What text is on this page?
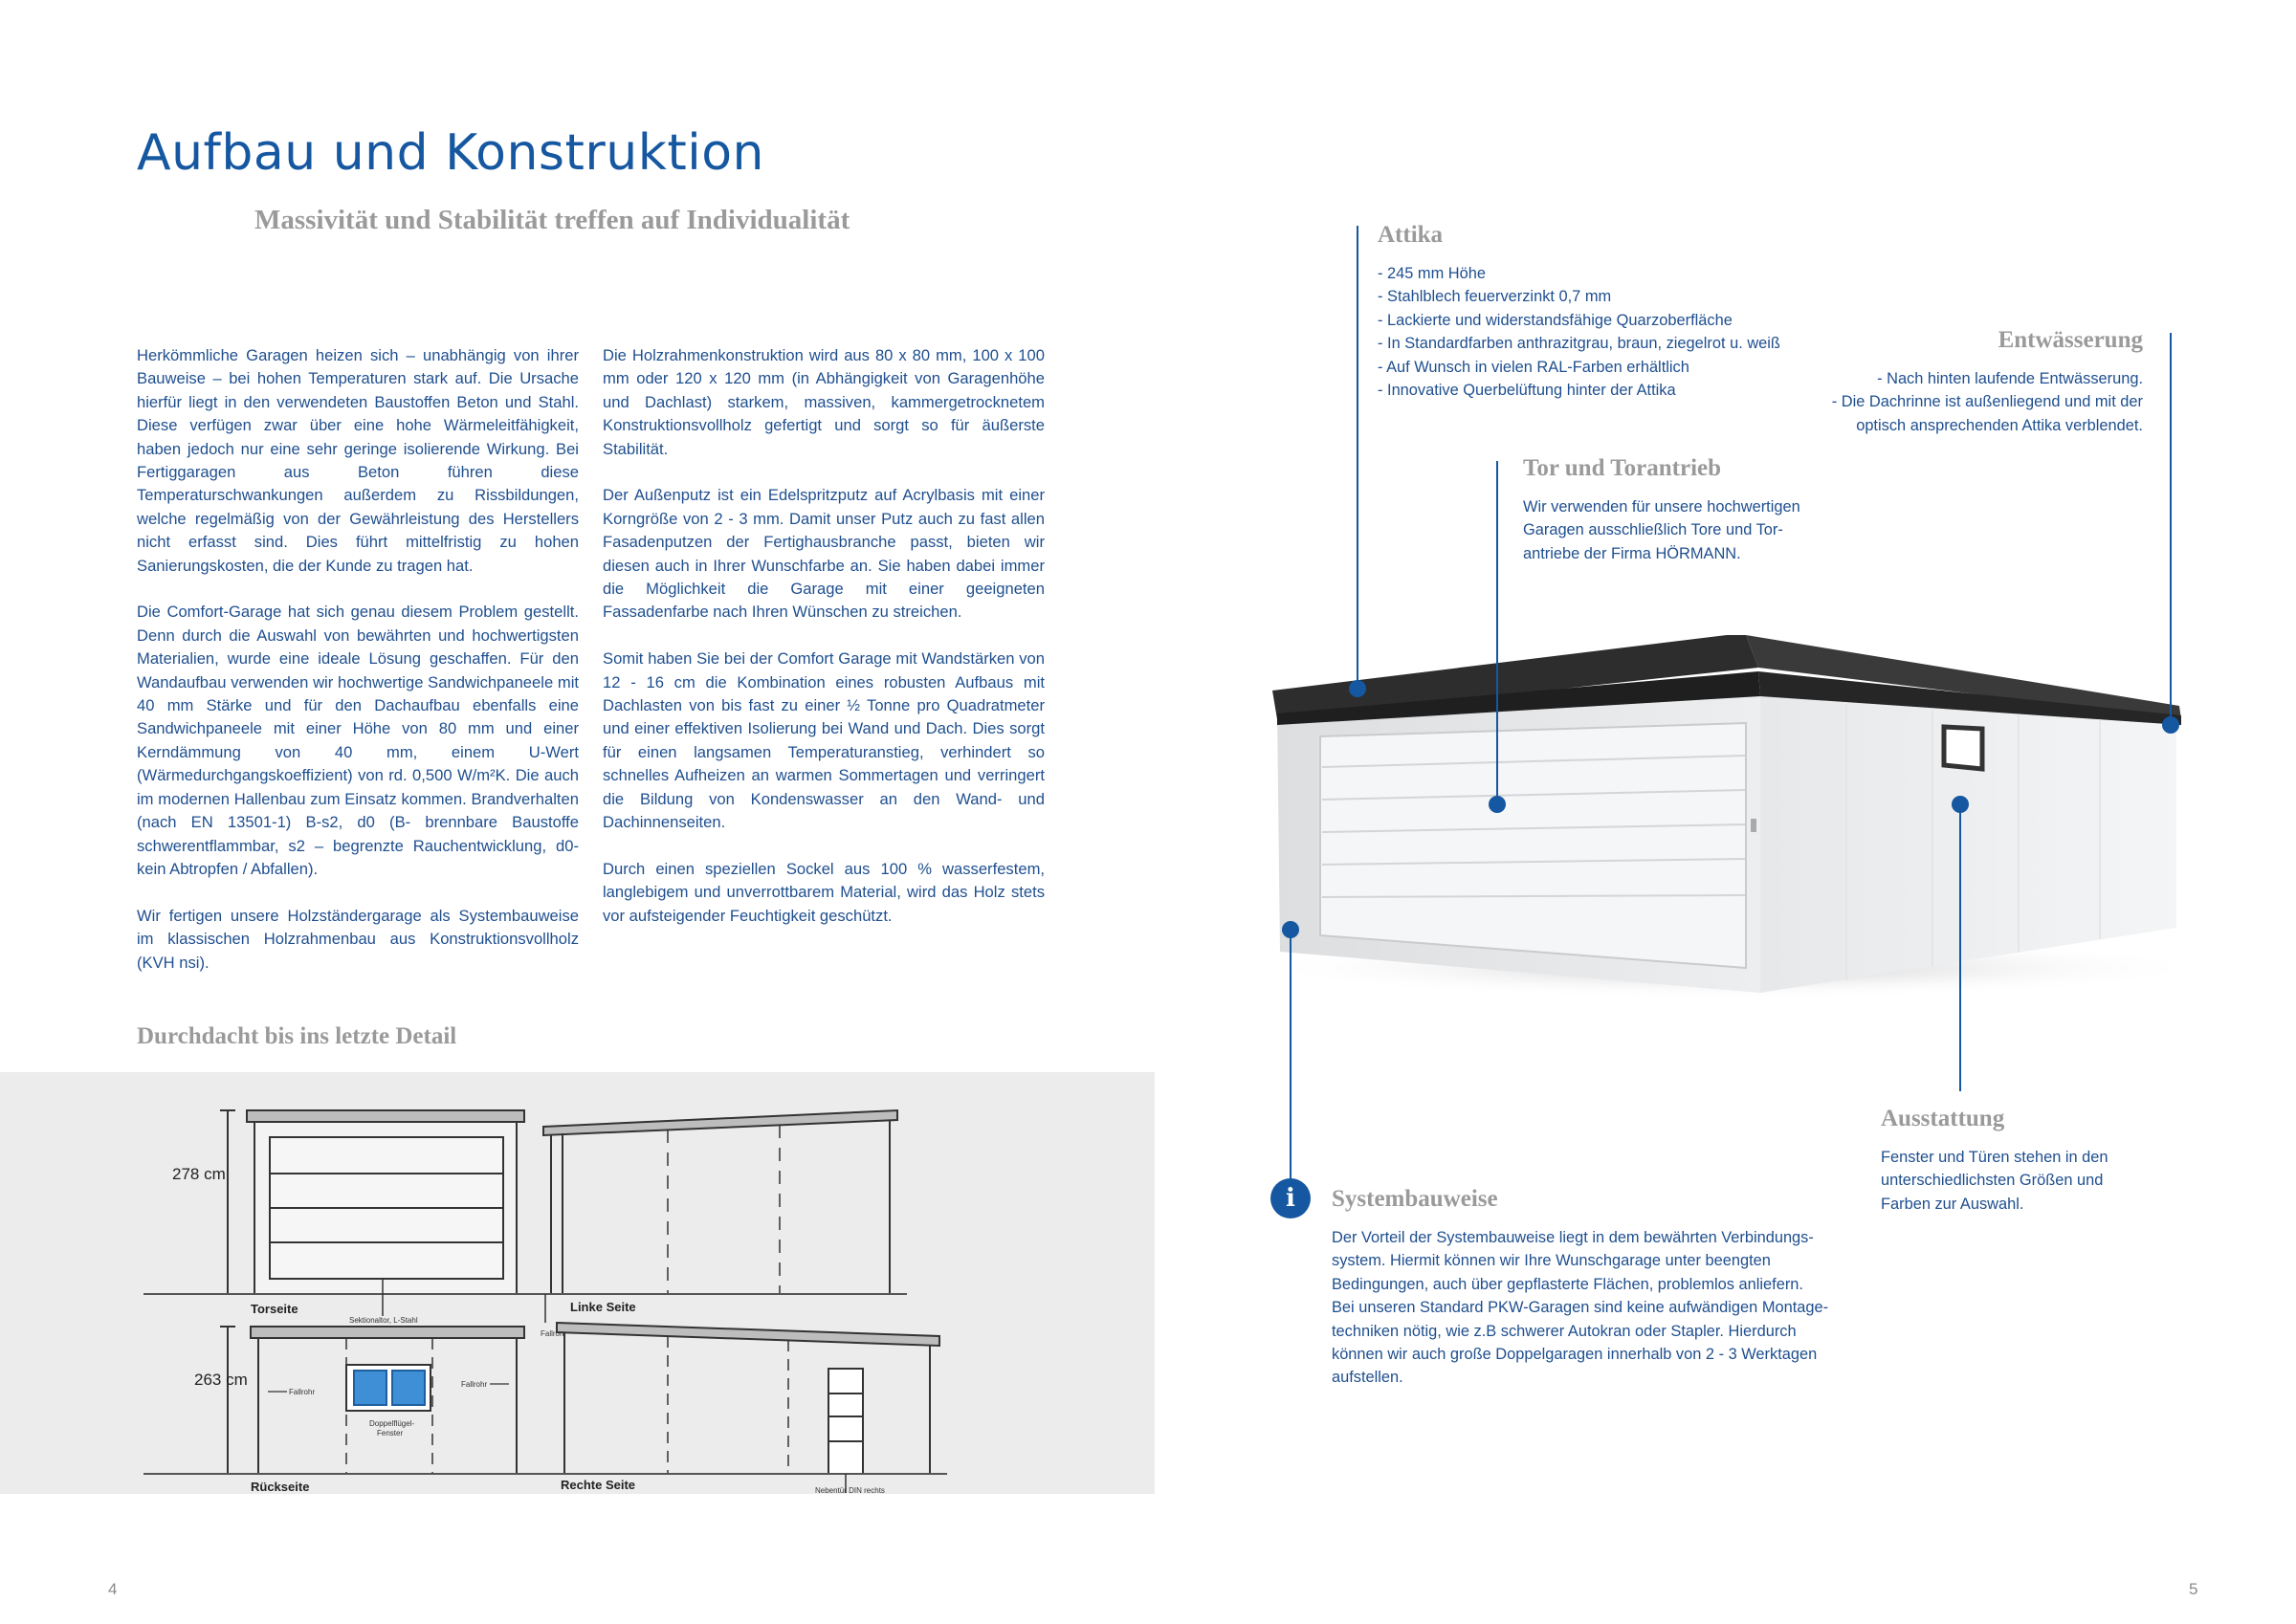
Aufbau und Konstruktion
Massivität und Stabilität treffen auf Individualität

Herkömmliche Garagen heizen sich – unabhängig von ihrer Bauweise – bei hohen Temperaturen stark auf. Die Ursache hierfür liegt in den verwendeten Baustoffen Beton und Stahl. Diese verfügen zwar über eine hohe Wärmeleitfähigkeit, haben jedoch nur eine sehr geringe isolierende Wirkung. Bei Fertiggaragen aus Beton führen diese Temperaturschwankungen außerdem zu Rissbildungen, welche regelmäßig von der Gewährleistung des Herstellers nicht erfasst sind. Dies führt mittelfristig zu hohen Sanierungskosten, die der Kunde zu tragen hat.

Die Comfort-Garage hat sich genau diesem Problem gestellt. Denn durch die Auswahl von bewährten und hochwertigsten Materialien, wurde eine ideale Lösung geschaffen. Für den Wandaufbau verwenden wir hochwertige Sandwichpaneele mit 40 mm Stärke und für den Dachaufbau ebenfalls eine Sandwichpaneele mit einer Höhe von 80 mm und einer Kerndämmung von 40 mm, einem U-Wert (Wärmedurchgangskoeffizient) von rd. 0,500 W/m²K. Die auch im modernen Hallenbau zum Einsatz kommen. Brandverhalten (nach EN 13501-1) B-s2, d0 (B- brennbare Baustoffe schwerentflammbar, s2 – begrenzte Rauchentwicklung, d0- kein Abtropfen / Abfallen).

Wir fertigen unsere Holzständergarage als Systembauweise im klassischen Holzrahmenbau aus Konstruktionsvollholz (KVH nsi).

Die Holzrahmenkonstruktion wird aus 80 x 80 mm, 100 x 100 mm oder 120 x 120 mm (in Abhängigkeit von Garagenhöhe und Dachlast) starkem, massiven, kammergetrocknetem Konstruktionsvollholz gefertigt und sorgt so für äußerste Stabilität.

Der Außenputz ist ein Edelspritzputz auf Acrylbasis mit einer Korngröße von 2 - 3 mm. Damit unser Putz auch zu fast allen Fasadenputzen der Fertighausbranche passt, bieten wir diesen auch in Ihrer Wunschfarbe an. Sie haben dabei immer die Möglichkeit die Garage mit einer geeigneten Fassadenfarbe nach Ihren Wünschen zu streichen.

Somit haben Sie bei der Comfort Garage mit Wandstärken von 12 - 16 cm die Kombination eines robusten Aufbaus mit Dachlasten von bis fast zu einer ½ Tonne pro Quadratmeter und einer effektiven Isolierung bei Wand und Dach. Dies sorgt für einen langsamen Temperaturanstieg, verhindert so schnelles Aufheizen an warmen Sommertagen und verringert die Bildung von Kondenswasser an den Wand- und Dachinnenseiten.

Durch einen speziellen Sockel aus 100 % wasserfestem, langlebigem und unverrottbarem Material, wird das Holz stets vor aufsteigender Feuchtigkeit geschützt.

Durchdacht bis ins letzte Detail
278 cm
Torseite
Sektionaltor, L-Stahl
Linke Seite
Fallrohr
263 cm
Rückseite
Fallrohr
Fallrohr
Doppelflügel-
Fenster
Rechte Seite	Nebentür DIN rechts
4
Attika
- 245 mm Höhe
- Stahlblech feuerverzinkt 0,7 mm
- Lackierte und widerstandsfähige Quarzoberfläche
- In Standardfarben anthrazitgrau, braun, ziegelrot u. weiß
- Auf Wunsch in vielen RAL-Farben erhältlich
- Innovative Querbelüftung hinter der Attika
Entwässerung
- Nach hinten laufende Entwässerung.
- Die Dachrinne ist außenliegend und mit der
optisch ansprechenden Attika verblendet.
Tor und Torantrieb
Wir verwenden für unsere hochwertigen
Garagen ausschließlich Tore und Tor-
antriebe der Firma HÖRMANN.
Ausstattung
Fenster und Türen stehen in den
unterschiedlichsten Größen und
Farben zur Auswahl.
i	Systembauweise
Der Vorteil der Systembauweise liegt in dem bewährten Verbindungs-
system. Hiermit können wir Ihre Wunschgarage unter beengten
Bedingungen, auch über gepflasterte Flächen, problemlos anliefern.
Bei unseren Standard PKW-Garagen sind keine aufwändigen Montage-
techniken nötig, wie z.B schwerer Autokran oder Stapler. Hierdurch
können wir auch große Doppelgaragen innerhalb von 2 - 3 Werktagen
aufstellen.
5
